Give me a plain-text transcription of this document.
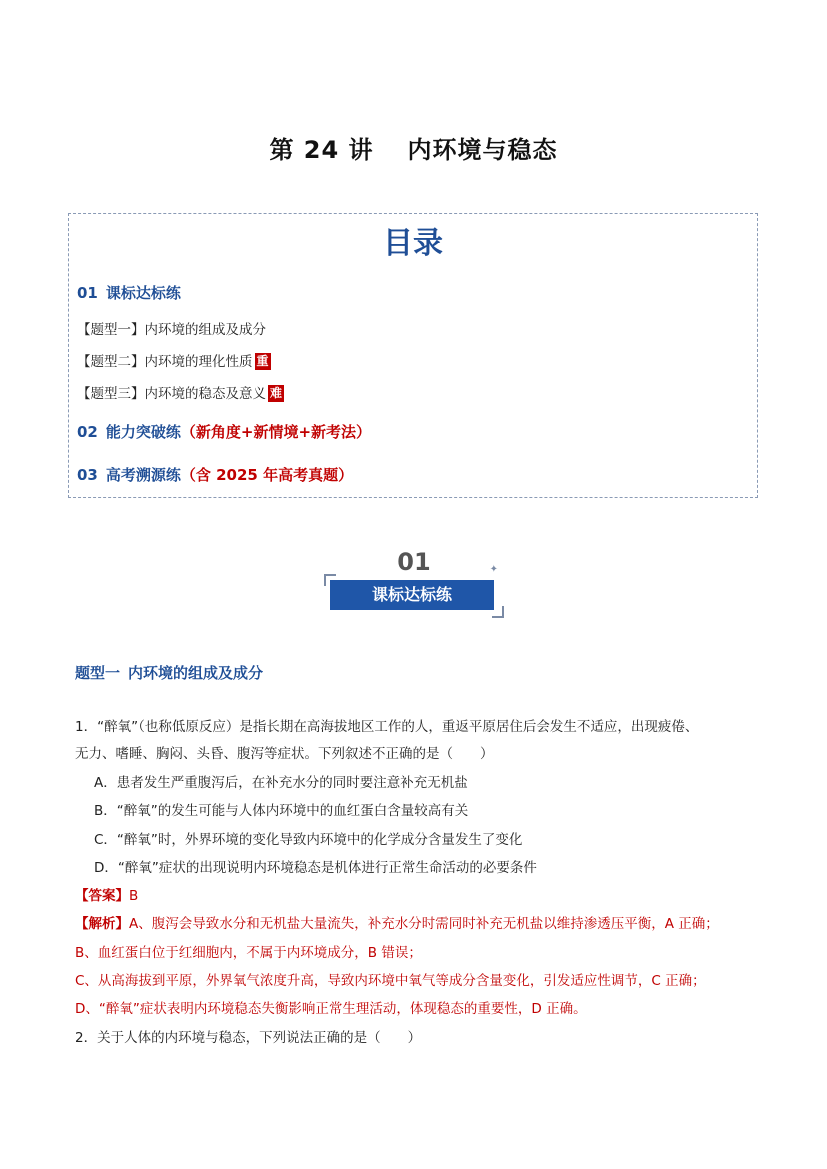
第 24 讲 内环境与稳态
目录
01 课标达标练
【题型一】内环境的组成及成分
【题型二】内环境的理化性质 重
【题型三】内环境的稳态及意义 难
02 能力突破练（新角度+新情境+新考法）
03 高考溯源练（含 2025 年高考真题）
01	✦
课标达标练
题型一 内环境的组成及成分
1．“醉氧”（也称低原反应）是指长期在高海拔地区工作的人，重返平原居住后会发生不适应，出现疲倦、
无力、嗜睡、胸闷、头昏、腹泻等症状。下列叙述不正确的是（　　）
A．患者发生严重腹泻后，在补充水分的同时要注意补充无机盐
B．“醉氧”的发生可能与人体内环境中的血红蛋白含量较高有关
C．“醉氧”时，外界环境的变化导致内环境中的化学成分含量发生了变化
D．“醉氧”症状的出现说明内环境稳态是机体进行正常生命活动的必要条件
【答案】B
【解析】A、腹泻会导致水分和无机盐大量流失，补充水分时需同时补充无机盐以维持渗透压平衡，A 正确；
B、血红蛋白位于红细胞内，不属于内环境成分，B 错误；
C、从高海拔到平原，外界氧气浓度升高，导致内环境中氧气等成分含量变化，引发适应性调节，C 正确；
D、“醉氧”症状表明内环境稳态失衡影响正常生理活动，体现稳态的重要性，D 正确。
2．关于人体的内环境与稳态，下列说法正确的是（　　）
